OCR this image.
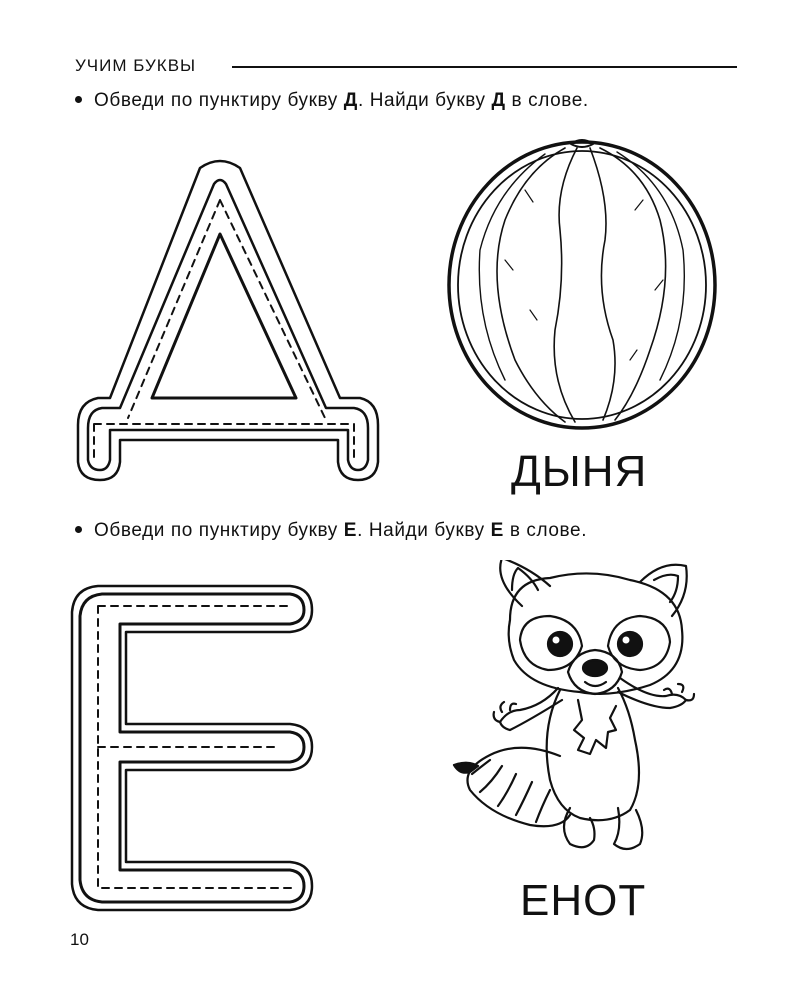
УЧИМ БУКВЫ
Обведи по пунктиру букву Д. Найди букву Д в слове.
ДЫНЯ
Обведи по пунктиру букву Е. Найди букву Е в слове.
ЕНОТ
10
